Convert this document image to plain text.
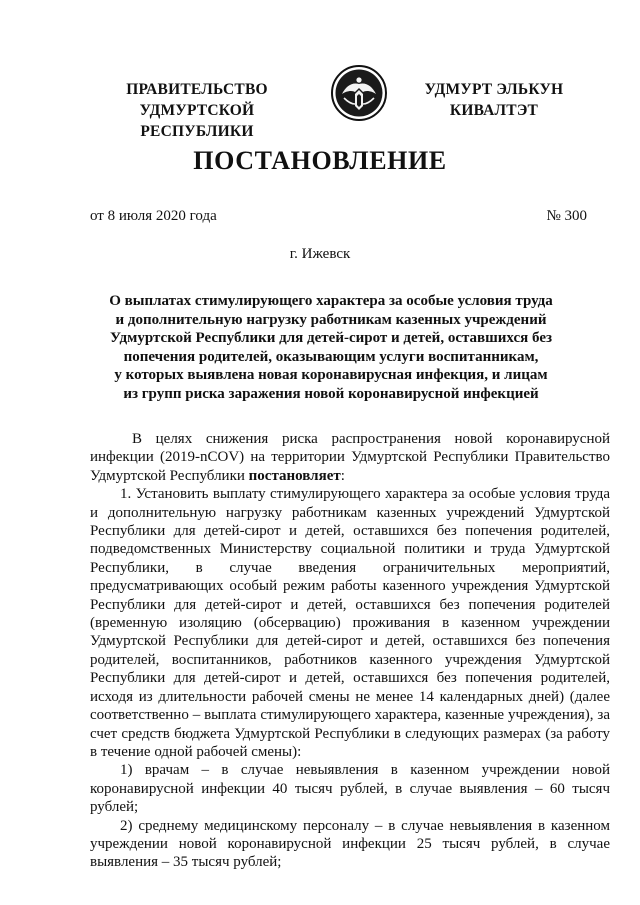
ПРАВИТЕЛЬСТВО
УДМУРТСКОЙ РЕСПУБЛИКИ
УДМУРТ ЭЛЬКУН
КИВАЛТЭТ
ПОСТАНОВЛЕНИЕ
от 8 июля 2020 года	№ 300
г. Ижевск
О выплатах стимулирующего характера за особые условия труда
и дополнительную нагрузку работникам казенных учреждений
Удмуртской Республики для детей-сирот и детей, оставшихся без
попечения родителей, оказывающим услуги воспитанникам,
у которых выявлена новая коронавирусная инфекция, и лицам
из групп риска заражения новой коронавирусной инфекцией

В целях снижения риска распространения новой коронавирусной инфекции (2019-nCOV) на территории Удмуртской Республики Правительство Удмуртской Республики постановляет:

1. Установить выплату стимулирующего характера за особые условия труда и дополнительную нагрузку работникам казенных учреждений Удмуртской Республики для детей-сирот и детей, оставшихся без попечения родителей, подведомственных Министерству социальной политики и труда Удмуртской Республики, в случае введения ограничительных мероприятий, предусматривающих особый режим работы казенного учреждения Удмуртской Республики для детей-сирот и детей, оставшихся без попечения родителей (временную изоляцию (обсервацию) проживания в казенном учреждении Удмуртской Республики для детей-сирот и детей, оставшихся без попечения родителей, воспитанников, работников казенного учреждения Удмуртской Республики для детей-сирот и детей, оставшихся без попечения родителей, исходя из длительности рабочей смены не менее 14 календарных дней) (далее соответственно – выплата стимулирующего характера, казенные учреждения), за счет средств бюджета Удмуртской Республики в следующих размерах (за работу в течение одной рабочей смены):

1) врачам – в случае невыявления в казенном учреждении новой коронавирусной инфекции 40 тысяч рублей, в случае выявления – 60 тысяч рублей;

2) среднему медицинскому персоналу – в случае невыявления в казенном учреждении новой коронавирусной инфекции 25 тысяч рублей, в случае выявления – 35 тысяч рублей;
